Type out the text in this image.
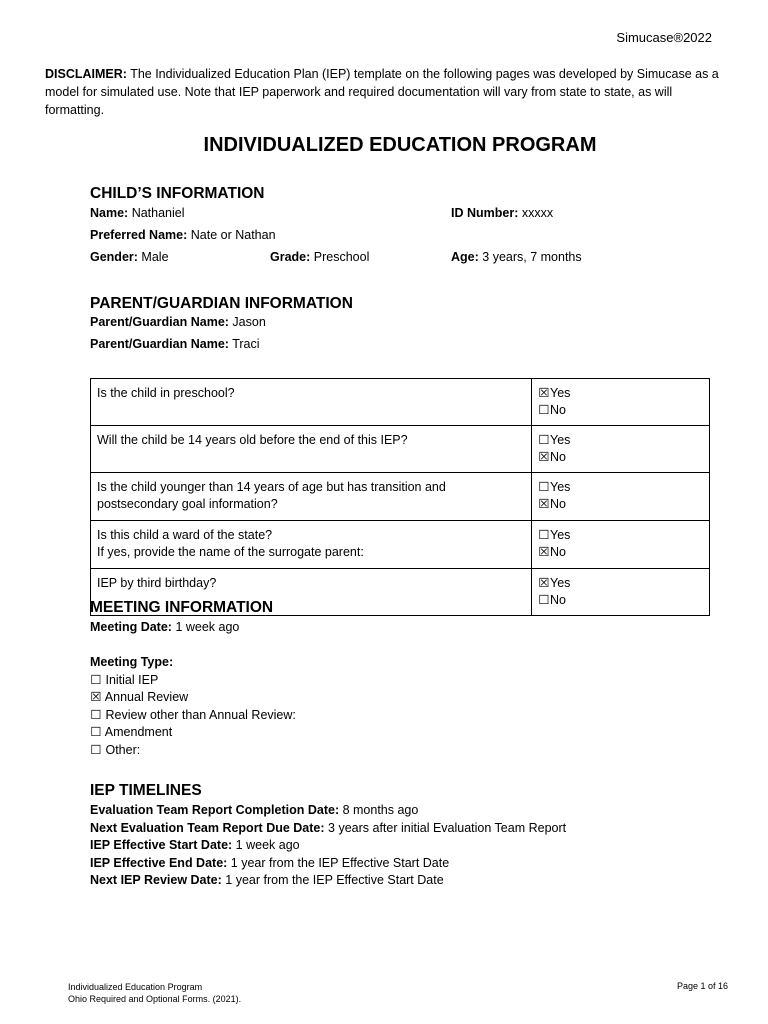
Simucase®2022
DISCLAIMER: The Individualized Education Plan (IEP) template on the following pages was developed by Simucase as a model for simulated use. Note that IEP paperwork and required documentation will vary from state to state, as will formatting.
INDIVIDUALIZED EDUCATION PROGRAM
CHILD’S INFORMATION
Name: Nathaniel	ID Number: xxxxx
Preferred Name: Nate or Nathan
Gender: Male	Grade: Preschool	Age: 3 years, 7 months
PARENT/GUARDIAN INFORMATION
Parent/Guardian Name: Jason
Parent/Guardian Name: Traci
Is the child in preschool?	☒Yes☐No
Will the child be 14 years old before the end of this IEP?	☐Yes☒No

Is the child younger than 14 years of age but has transition and
postsecondary goal information?	☐Yes☒No

Is this child a ward of the state?
If yes, provide the name of the surrogate parent:	☐Yes☒No
IEP by third birthday?	☒Yes☐No
MEETING INFORMATION
Meeting Date: 1 week ago
Meeting Type:
☐ Initial IEP
☒ Annual Review
☐ Review other than Annual Review:
☐ Amendment
☐ Other:
IEP TIMELINES
Evaluation Team Report Completion Date: 8 months ago
Next Evaluation Team Report Due Date: 3 years after initial Evaluation Team Report
IEP Effective Start Date: 1 week ago
IEP Effective End Date: 1 year from the IEP Effective Start Date
Next IEP Review Date: 1 year from the IEP Effective Start Date
Individualized Education Program
Ohio Required and Optional Forms. (2021).
Page 1 of 16
